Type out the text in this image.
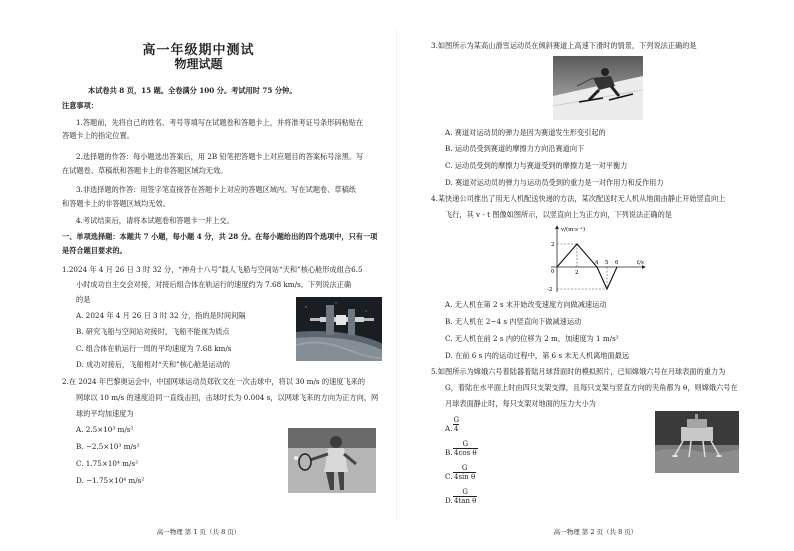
高一年级期中测试
物理试题
本试卷共 8 页，15 题。全卷满分 100 分。考试用时 75 分钟。
注意事项：
1.答题前，先将自己的姓名、考号等填写在试题卷和答题卡上，并将准考证号条形码粘贴在
答题卡上的指定位置。
2.选择题的作答：每小题选出答案后，用 2B 铅笔把答题卡上对应题目的答案标号涂黑。写
在试题卷、草稿纸和答题卡上的非答题区域均无效。
3.非选择题的作答：用签字笔直接答在答题卡上对应的答题区域内。写在试题卷、草稿纸
和答题卡上的非答题区域均无效。
4.考试结束后，请将本试题卷和答题卡一并上交。
一、单项选择题：本题共 7 小题，每小题 4 分，共 28 分。在每小题给出的四个选项中，只有一项
是符合题目要求的。
1.2024 年 4 月 26 日 3 时 32 分，“神舟十八号”载人飞船与空间站“天和”核心舱形成组合6.5
小时成功自主交会对接，对接后组合体在轨运行的速度约为 7.68 km/s。下列说法正确
的是
A. 2024 年 4 月 26 日 3 时 32 分，指的是时间间隔
B. 研究飞船与空间站对接时，飞船不能视为质点
C. 组合体在轨运行一周的平均速度为 7.68 km/s
D. 成功对接后，飞船相对“天和”核心舱是运动的
2.在 2024 年巴黎奥运会中，中国网球运动员郑钦文在一次击球中，将以 30 m/s 的速度飞来的
网球以 10 m/s 的速度沿同一直线击回，击球时长为 0.004 s，以网球飞来的方向为正方向，网
球的平均加速度为
A. 2.5×10³ m/s²
B. −2.5×10³ m/s²
C. 1.75×10⁴ m/s²
D. −1.75×10⁴ m/s²
高一物理 第 1 页（共 8 页）
3.如图所示为某高山滑雪运动员在倾斜赛道上高速下滑时的情景，下列说法正确的是
A. 赛道对运动员的弹力是因为赛道发生形变引起的
B. 运动员受到赛道的摩擦力方向沿赛道向下
C. 运动员受到的摩擦力与赛道受到的摩擦力是一对平衡力
D. 赛道对运动员的弹力与运动员受到的重力是一对作用力和反作用力
4.某快递公司推出了用无人机配送快递的方法，某次配送时无人机从地面由静止开始竖直向上
飞行，其 v - t 图像如图所示，以竖直向上为正方向，下列说法正确的是
v/(m·s⁻¹)
t/s
0
2
-2
2
4 5 6
A. 无人机在第 2 s 末开始改变速度方向做减速运动
B. 无人机在 2~4 s 内竖直向下做减速运动
C. 无人机在前 2 s 内的位移为 2 m，加速度为 1 m/s²
D. 在前 6 s 内的运动过程中，第 6 s 末无人机离地面最远
5.如图所示为嫦娥六号着陆器着陆月球背面时的模拟照片，已知嫦娥六号在月球表面的重力为
G，着陆在水平面上时由四只支架支撑，且每只支架与竖直方向的夹角都为 θ，则嫦娥六号在
月球表面静止时，每只支架对地面的压力大小为
A. $\frac{G}{4}$
B. $\frac{G}{\text{4cos θ}}$
C. $\frac{G}{\text{4sin θ}}$
D. $\frac{G}{\text{4tan θ}}$
高一物理 第 2 页（共 8 页）
